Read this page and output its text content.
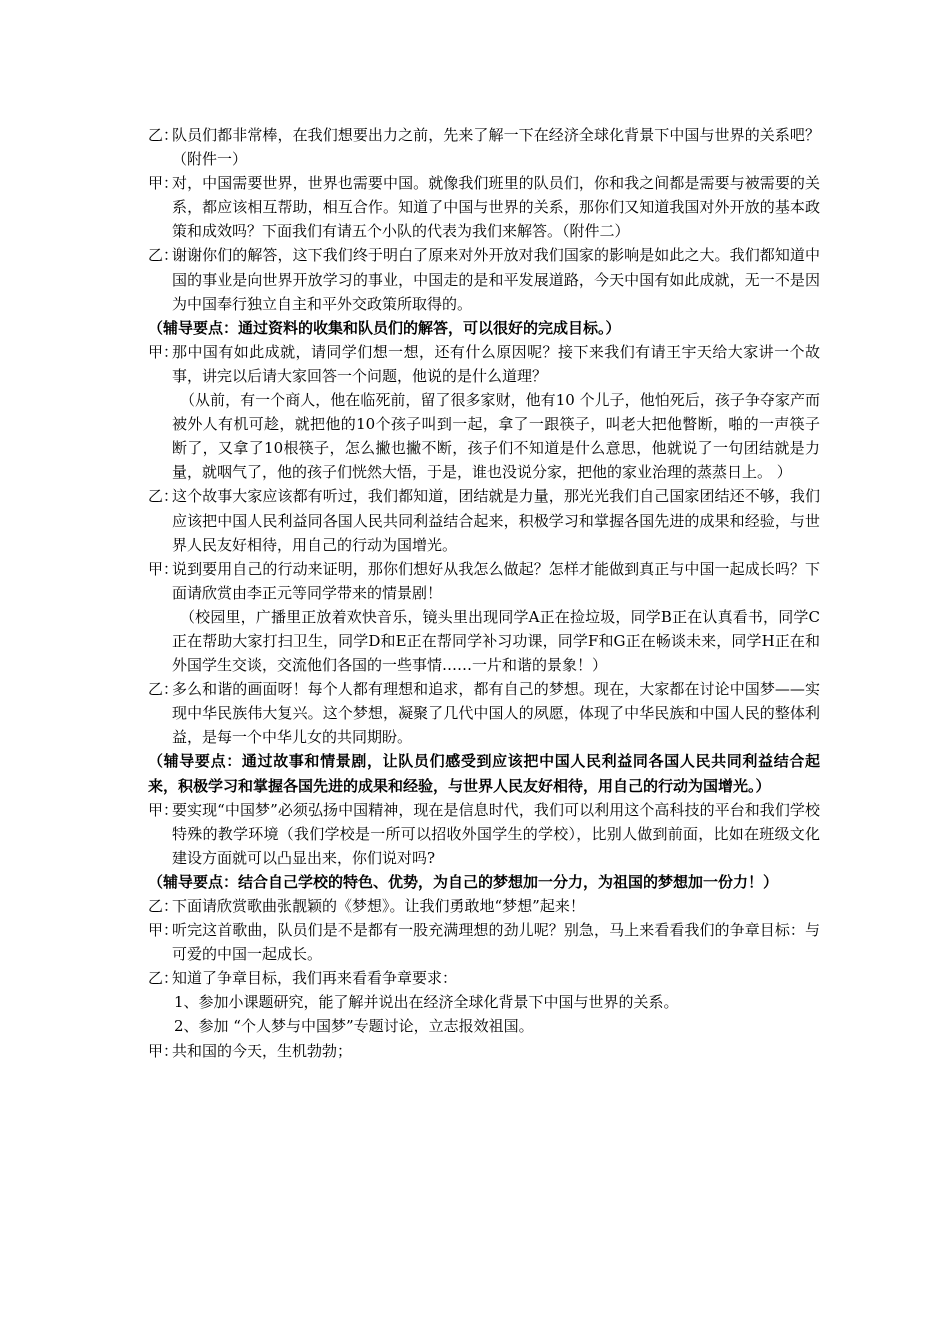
乙：

队员们都非常棒，在我们想要出力之前，先来了解一下在经济全球化背景下中国与世界的关系吧？（附件一）

甲：

对，中国需要世界，世界也需要中国。就像我们班里的队员们，你和我之间都是需要与被需要的关系，都应该相互帮助，相互合作。知道了中国与世界的关系，那你们又知道我国对外开放的基本政策和成效吗？下面我们有请五个小队的代表为我们来解答。（附件二）

乙：

谢谢你们的解答，这下我们终于明白了原来对外开放对我们国家的影响是如此之大。我们都知道中国的事业是向世界开放学习的事业，中国走的是和平发展道路，今天中国有如此成就，无一不是因为中国奉行独立自主和平外交政策所取得的。

（辅导要点：通过资料的收集和队员们的解答，可以很好的完成目标。）

甲：

那中国有如此成就，请同学们想一想，还有什么原因呢？接下来我们有请王宇天给大家讲一个故事，讲完以后请大家回答一个问题，他说的是什么道理？

（从前，有一个商人，他在临死前，留了很多家财，他有10 个儿子，他怕死后，孩子争夺家产而被外人有机可趁，就把他的10个孩子叫到一起，拿了一跟筷子，叫老大把他瞥断，啪的一声筷子断了，又拿了10根筷子，怎么撇也撇不断，孩子们不知道是什么意思，他就说了一句团结就是力量，就咽气了，他的孩子们恍然大悟，于是，谁也没说分家，把他的家业治理的蒸蒸日上。 ）

乙：

这个故事大家应该都有听过，我们都知道，团结就是力量，那光光我们自己国家团结还不够，我们应该把中国人民利益同各国人民共同利益结合起来，积极学习和掌握各国先进的成果和经验，与世界人民友好相待，用自己的行动为国增光。

甲：

说到要用自己的行动来证明，那你们想好从我怎么做起？怎样才能做到真正与中国一起成长吗？下面请欣赏由李正元等同学带来的情景剧！

（校园里，广播里正放着欢快音乐，镜头里出现同学A正在捡垃圾，同学B正在认真看书，同学C正在帮助大家打扫卫生，同学D和E正在帮同学补习功课，同学F和G正在畅谈未来，同学H正在和外国学生交谈，交流他们各国的一些事情……一片和谐的景象！）

乙：

多么和谐的画面呀！每个人都有理想和追求，都有自己的梦想。现在，大家都在讨论中国梦——实现中华民族伟大复兴。这个梦想，凝聚了几代中国人的夙愿，体现了中华民族和中国人民的整体利益，是每一个中华儿女的共同期盼。

（辅导要点：通过故事和情景剧，让队员们感受到应该把中国人民利益同各国人民共同利益结合起来，积极学习和掌握各国先进的成果和经验，与世界人民友好相待，用自己的行动为国增光。）

甲：

要实现“中国梦”必须弘扬中国精神，现在是信息时代，我们可以利用这个高科技的平台和我们学校特殊的教学环境（我们学校是一所可以招收外国学生的学校），比别人做到前面，比如在班级文化建设方面就可以凸显出来，你们说对吗?

（辅导要点：结合自己学校的特色、优势，为自己的梦想加一分力，为祖国的梦想加一份力！）

乙：

下面请欣赏歌曲张靓颖的《梦想》。让我们勇敢地“梦想”起来！

甲：

听完这首歌曲，队员们是不是都有一股充满理想的劲儿呢？别急，马上来看看我们的争章目标：与可爱的中国一起成长。

乙：

知道了争章目标，我们再来看看争章要求：

1、参加小课题研究，能了解并说出在经济全球化背景下中国与世界的关系。
2、参加 “个人梦与中国梦”专题讨论，立志报效祖国。
甲：

共和国的今天，生机勃勃；
